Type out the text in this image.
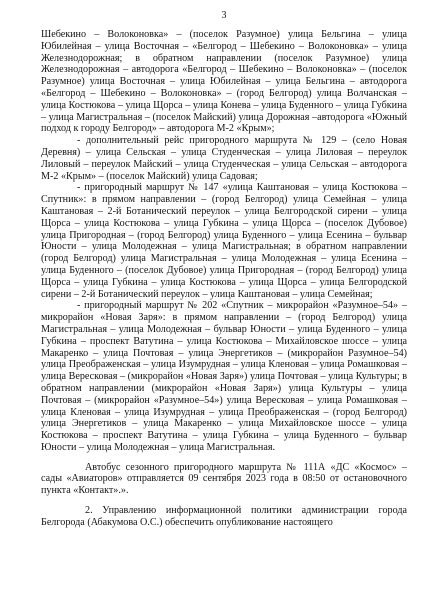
3

Шебекино – Волоконовка» – (поселок Разумное) улица Бельгина – улица Юбилейная – улица Восточная – «Белгород – Шебекино – Волоконовка» – улица Железнодорожная; в обратном направлении (поселок Разумное) улица Железнодорожная – автодорога «Белгород – Шебекино – Волоконовка» – (поселок Разумное) улица Восточная – улица Юбилейная – улица Бельгина – автодорога «Белгород – Шебекино – Волоконовка» – (город Белгород) улица Волчанская – улица Костюкова – улица Щорса – улица Конева – улица Буденного – улица Губкина – улица Магистральная – (поселок Майский) улица Дорожная –автодорога «Южный подход к городу Белгород» – автодорога М-2 «Крым»;

- дополнительный рейс пригородного маршрута № 129 – (село Новая Деревня) – улица Сельская – улица Студенческая – улица Лиловая – переулок Лиловый – переулок Майский – улица Студенческая – улица Сельская – автодорога М-2 «Крым» – (поселок Майский) улица Садовая;

- пригородный маршрут № 147 «улица Каштановая – улица Костюкова – Спутник»: в прямом направлении – (город Белгород) улица Семейная – улица Каштановая – 2-й Ботанический переулок – улица Белгородской сирени – улица Щорса – улица Костюкова – улица Губкина – улица Щорса – (поселок Дубовое) улица Пригородная – (город Белгород) улица Буденного – улица Есенина – бульвар Юности – улица Молодежная – улица Магистральная; в обратном направлении (город Белгород) улица Магистральная – улица Молодежная – улица Есенина – улица Буденного – (поселок Дубовое) улица Пригородная – (город Белгород) улица Щорса – улица Губкина – улица Костюкова – улица Щорса – улица Белгородской сирени – 2-й Ботанический переулок – улица Каштановая – улица Семейная;

- пригородный маршрут № 202 «Спутник – микрорайон «Разумное–54» – микрорайон «Новая Заря»: в прямом направлении – (город Белгород) улица Магистральная – улица Молодежная – бульвар Юности – улица Буденного – улица Губкина – проспект Ватутина – улица Костюкова – Михайловское шоссе – улица Макаренко – улица Почтовая – улица Энергетиков – (микрорайон Разумное–54) улица Преображенская – улица Изумрудная – улица Кленовая – улица Ромашковая – улица Вересковая – (микрорайон «Новая Заря») улица Почтовая – улица Культуры; в обратном направлении (микрорайон «Новая Заря») улица Культуры – улица Почтовая – (микрорайон «Разумное–54») улица Вересковая – улица Ромашковая – улица Кленовая – улица Изумрудная – улица Преображенская – (город Белгород) улица Энергетиков – улица Макаренко – улица Михайловское шоссе – улица Костюкова – проспект Ватутина – улица Губкина – улица Буденного – бульвар Юности – улица Молодежная – улица Магистральная.

Автобус сезонного пригородного маршрута № 111А «ДС «Космос» – сады «Авиаторов» отправляется 09 сентября 2023 года в 08:50 от остановочного пункта «Контакт».».

2. Управлению информационной политики администрации города Белгорода (Абакумова О.С.) обеспечить опубликование настоящего
